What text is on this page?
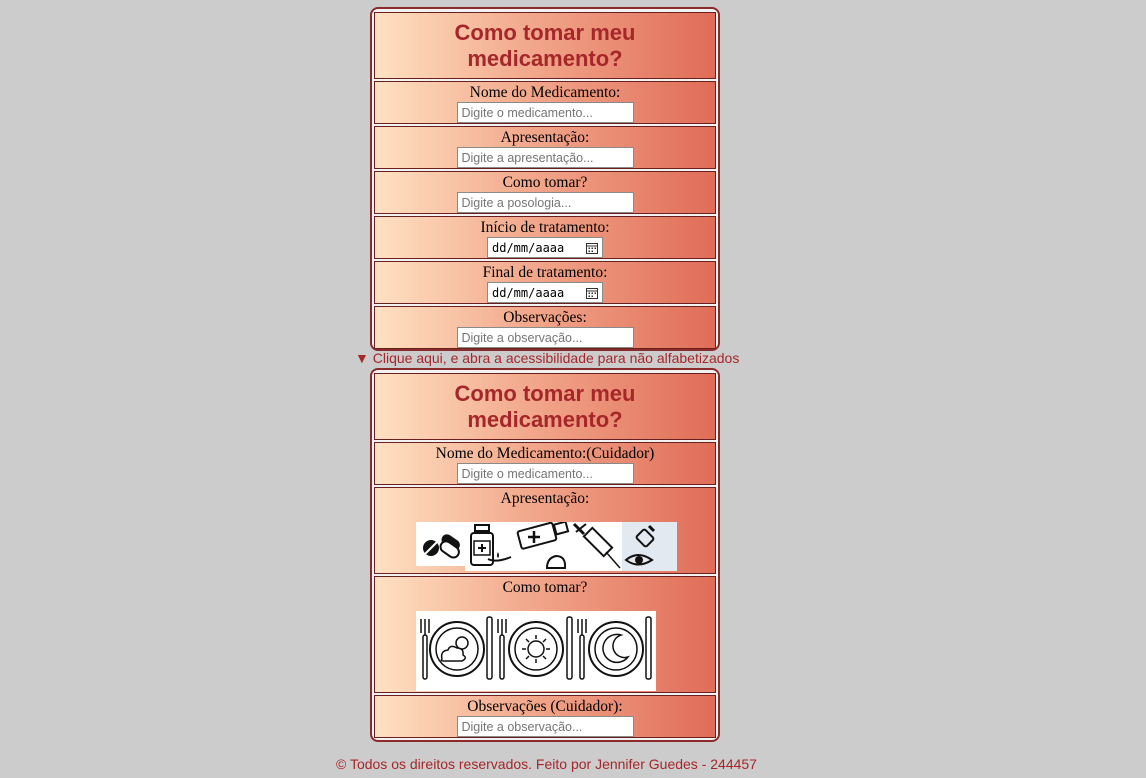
Como tomar meu medicamento?
Nome do Medicamento:
Digite o medicamento...
Apresentação:
Digite a apresentação...
Como tomar?
Digite a posologia...
Início de tratamento:
dd/mm/aaaa
Final de tratamento:
dd/mm/aaaa
Observações:
Digite a observação...
▼ Clique aqui, e abra a acessibilidade para não alfabetizados
Como tomar meu medicamento?
Nome do Medicamento:(Cuidador)
Digite o medicamento...
Apresentação:
Como tomar?
Observações (Cuidador):
Digite a observação...
© Todos os direitos reservados. Feito por Jennifer Guedes - 244457
